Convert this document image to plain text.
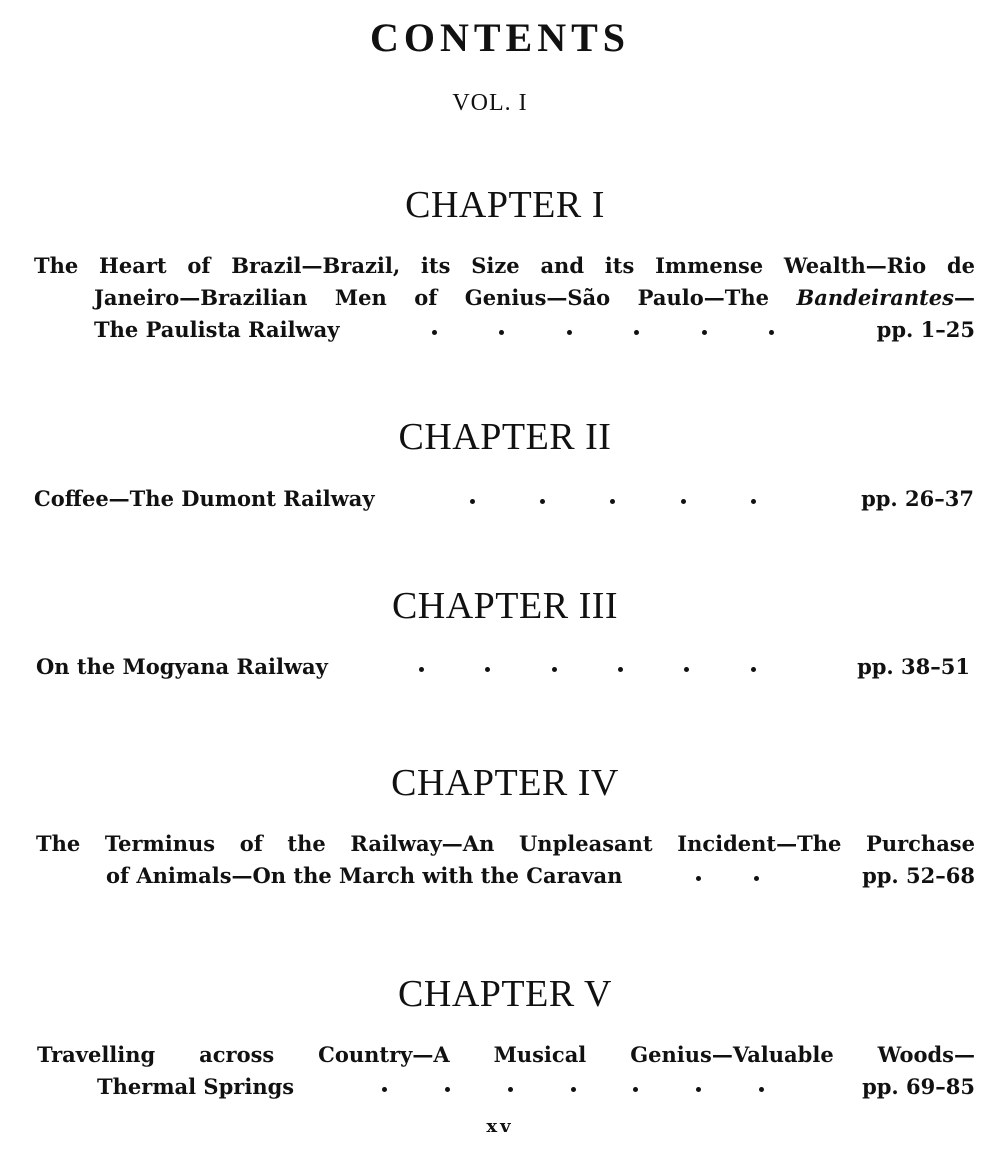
CONTENTS
VOL. I
CHAPTER I
The Heart of Brazil—Brazil, its Size and its Immense Wealth—Rio de
Janeiro—Brazilian Men of Genius—São Paulo—The Bandeirantes—
The Paulista Railway	pp. 1–25
CHAPTER II
Coffee—The Dumont Railway	pp. 26–37
CHAPTER III
On the Mogyana Railway	pp. 38–51
CHAPTER IV
The Terminus of the Railway—An Unpleasant Incident—The Purchase
of Animals—On the March with the Caravan	pp. 52–68
CHAPTER V
Travelling across Country—A Musical Genius—Valuable Woods—
Thermal Springs	pp. 69–85
xv
